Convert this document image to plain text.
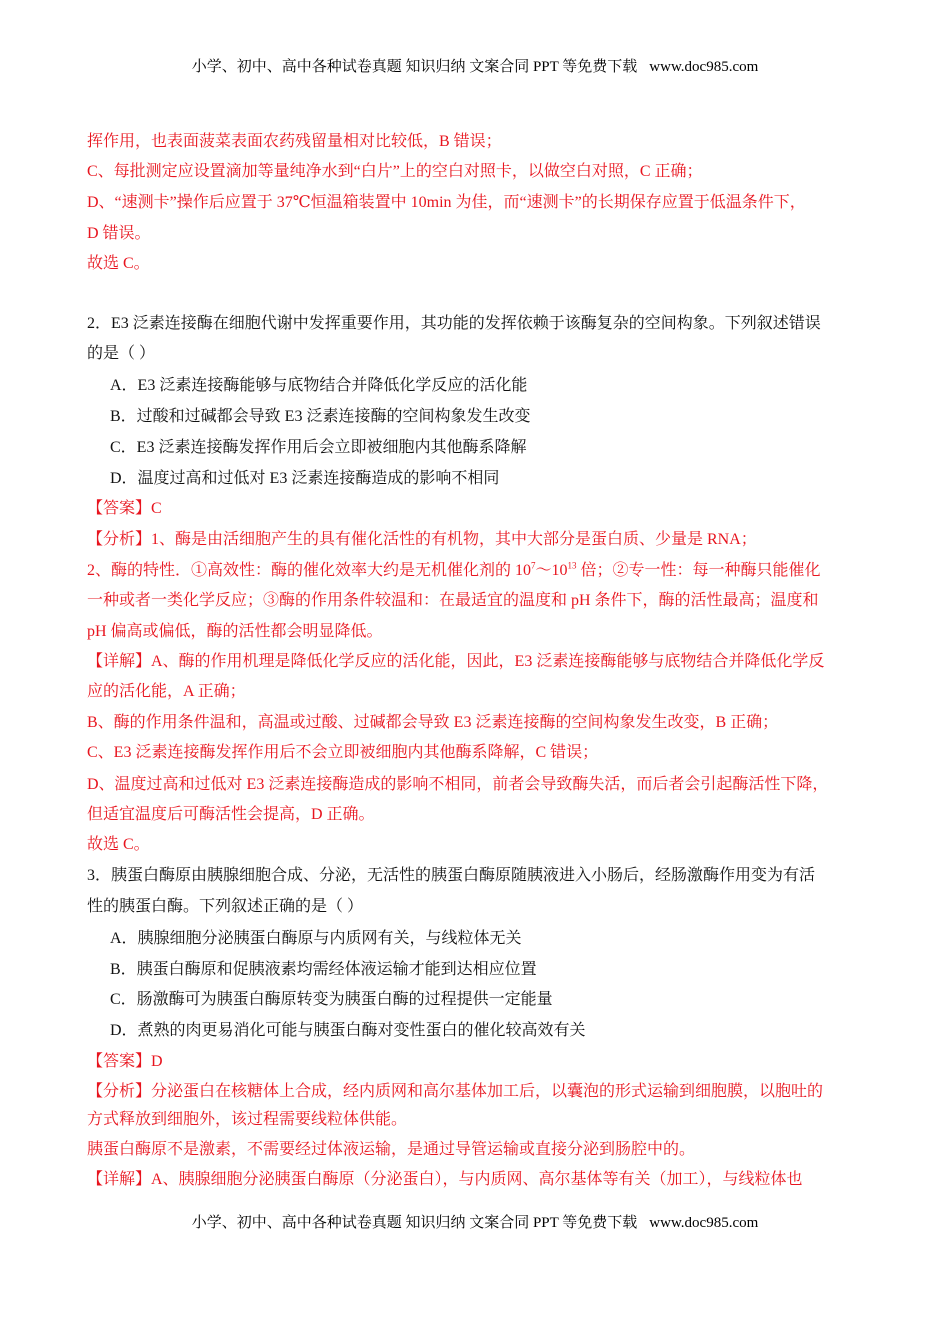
小学、初中、高中各种试卷真题 知识归纳 文案合同 PPT 等免费下载 www.doc985.com
挥作用，也表面菠菜表面农药残留量相对比较低，B 错误；
C、每批测定应设置滴加等量纯净水到“白片”上的空白对照卡，以做空白对照，C 正确；
D、“速测卡”操作后应置于 37℃恒温箱装置中 10min 为佳，而“速测卡”的长期保存应置于低温条件下，
D 错误。
故选 C。
2．E3 泛素连接酶在细胞代谢中发挥重要作用，其功能的发挥依赖于该酶复杂的空间构象。下列叙述错误
的是（ ）
A．E3 泛素连接酶能够与底物结合并降低化学反应的活化能
B．过酸和过碱都会导致 E3 泛素连接酶的空间构象发生改变
C．E3 泛素连接酶发挥作用后会立即被细胞内其他酶系降解
D．温度过高和过低对 E3 泛素连接酶造成的影响不相同
【答案】C
【分析】1、酶是由活细胞产生的具有催化活性的有机物，其中大部分是蛋白质、少量是 RNA；
2、酶的特性．①高效性：酶的催化效率大约是无机催化剂的 $10^7\sim 10^{13}$ 倍；②专一性：每一种酶只能催化
一种或者一类化学反应；③酶的作用条件较温和：在最适宜的温度和 pH 条件下，酶的活性最高；温度和
pH 偏高或偏低，酶的活性都会明显降低。
【详解】A、酶的作用机理是降低化学反应的活化能，因此，E3 泛素连接酶能够与底物结合并降低化学反
应的活化能，A 正确；
B、酶的作用条件温和，高温或过酸、过碱都会导致 E3 泛素连接酶的空间构象发生改变，B 正确；
C、E3 泛素连接酶发挥作用后不会立即被细胞内其他酶系降解，C 错误；
D、温度过高和过低对 E3 泛素连接酶造成的影响不相同，前者会导致酶失活，而后者会引起酶活性下降，
但适宜温度后可酶活性会提高，D 正确。
故选 C。
3．胰蛋白酶原由胰腺细胞合成、分泌，无活性的胰蛋白酶原随胰液进入小肠后，经肠激酶作用变为有活
性的胰蛋白酶。下列叙述正确的是（ ）
A．胰腺细胞分泌胰蛋白酶原与内质网有关，与线粒体无关
B．胰蛋白酶原和促胰液素均需经体液运输才能到达相应位置
C．肠激酶可为胰蛋白酶原转变为胰蛋白酶的过程提供一定能量
D．煮熟的肉更易消化可能与胰蛋白酶对变性蛋白的催化较高效有关
【答案】D
【分析】分泌蛋白在核糖体上合成，经内质网和高尔基体加工后，以囊泡的形式运输到细胞膜，以胞吐的
方式释放到细胞外，该过程需要线粒体供能。
胰蛋白酶原不是激素，不需要经过体液运输，是通过导管运输或直接分泌到肠腔中的。
【详解】A、胰腺细胞分泌胰蛋白酶原（分泌蛋白），与内质网、高尔基体等有关（加工），与线粒体也
小学、初中、高中各种试卷真题 知识归纳 文案合同 PPT 等免费下载 www.doc985.com
